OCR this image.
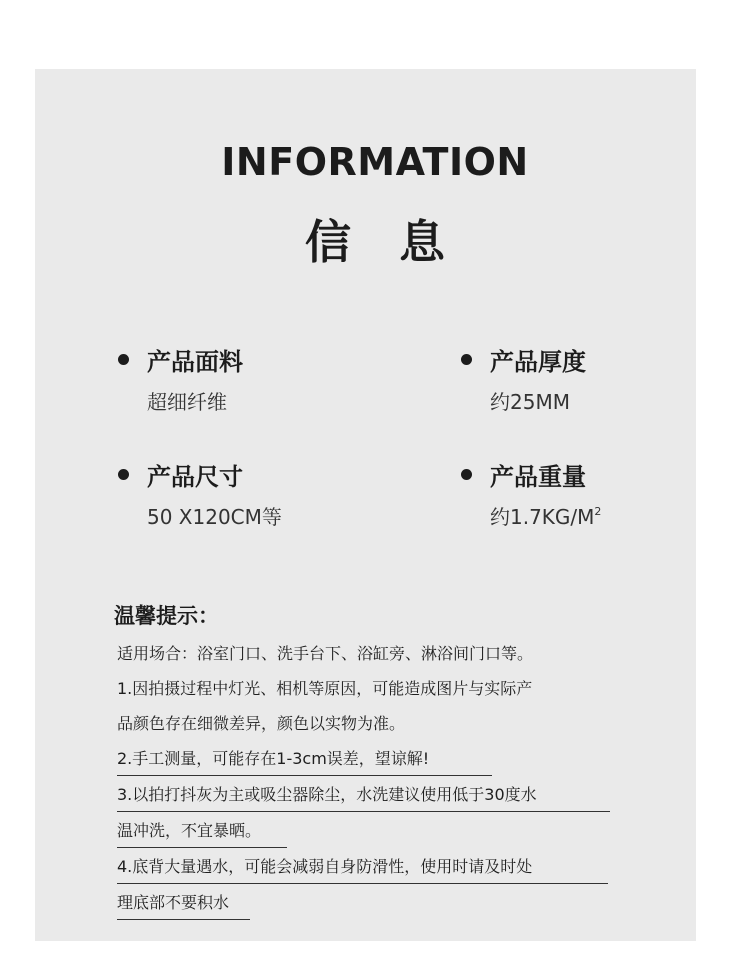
INFORMATION
信息
产品面料
超细纤维
产品厚度
约25MM
产品尺寸
50 X120CM等
产品重量
约$1.7KG/M^2$
温馨提示：
适用场合：浴室门口、洗手台下、浴缸旁、淋浴间门口等。
1.因拍摄过程中灯光、相机等原因，可能造成图片与实际产
品颜色存在细微差异，颜色以实物为准。
2.手工测量，可能存在1-3cm误差，望谅解!
3.以拍打抖灰为主或吸尘器除尘，水洗建议使用低于30度水
温冲洗，不宜暴晒。
4.底背大量遇水，可能会减弱自身防滑性，使用时请及时处
理底部不要积水
